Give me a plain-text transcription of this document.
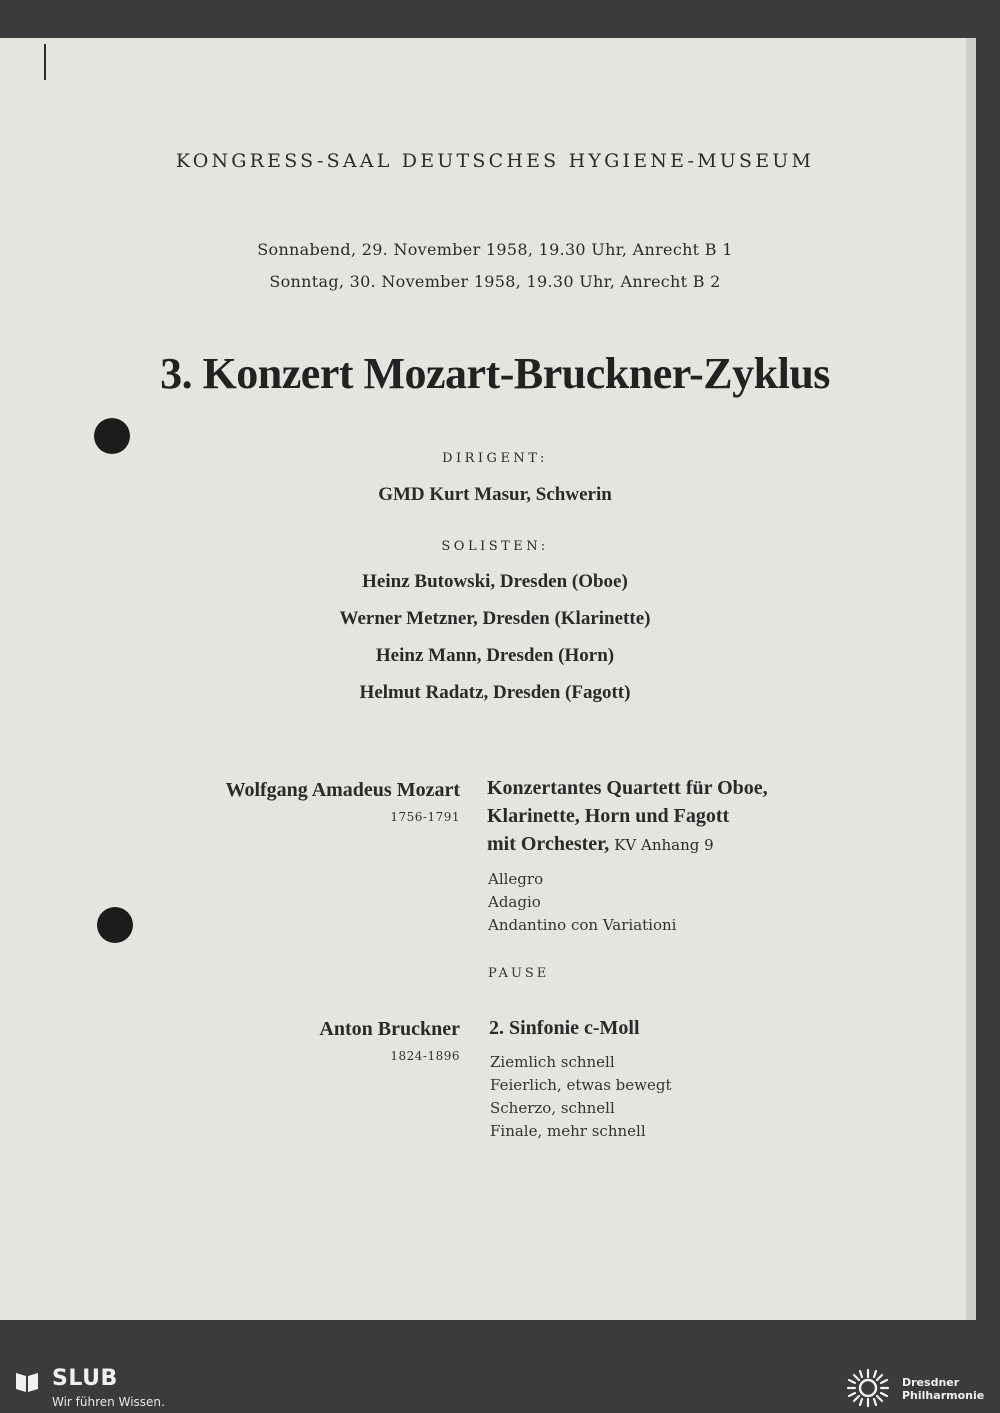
KONGRESS-SAAL DEUTSCHES HYGIENE-MUSEUM
Sonnabend, 29. November 1958, 19.30 Uhr, Anrecht B 1
Sonntag, 30. November 1958, 19.30 Uhr, Anrecht B 2
3. Konzert Mozart-Bruckner-Zyklus
DIRIGENT:
GMD Kurt Masur, Schwerin
SOLISTEN:
Heinz Butowski, Dresden (Oboe)
Werner Metzner, Dresden (Klarinette)
Heinz Mann, Dresden (Horn)
Helmut Radatz, Dresden (Fagott)
Wolfgang Amadeus Mozart
1756-1791
Konzertantes Quartett für Oboe,
Klarinette, Horn und Fagott
mit Orchester, KV Anhang 9
Allegro
Adagio
Andantino con Variationi
PAUSE
Anton Bruckner
1824-1896
2. Sinfonie c-Moll
Ziemlich schnell
Feierlich, etwas bewegt
Scherzo, schnell
Finale, mehr schnell
SLUB
Wir führen Wissen.
Dresdner
Philharmonie
